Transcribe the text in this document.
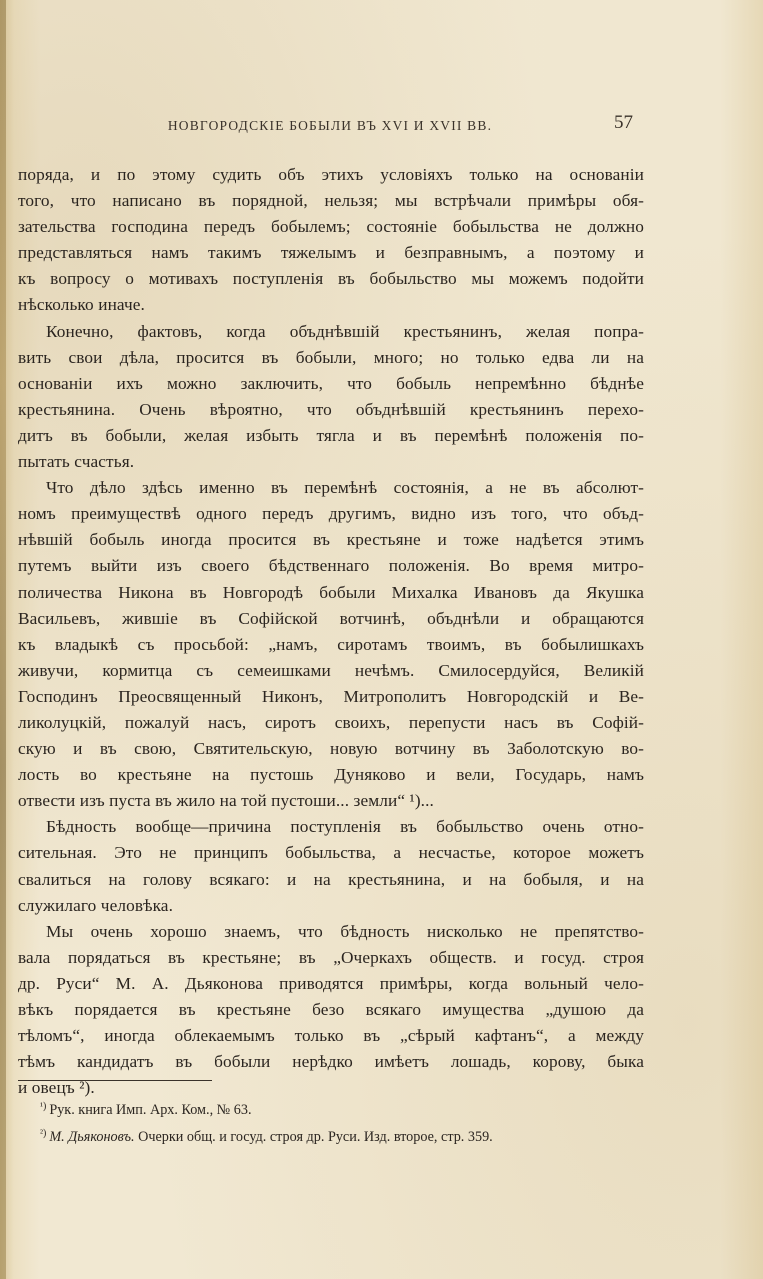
НОВГОРОДСКІЕ БОБЫЛИ ВЪ XVI И XVII ВВ.	57
поряда, и по этому судить объ этихъ условіяхъ только на основаніи
того, что написано въ порядной, нельзя; мы встрѣчали примѣры обя-
зательства господина передъ бобылемъ; состояніе бобыльства не должно
представляться намъ такимъ тяжелымъ и безправнымъ, а поэтому и
къ вопросу о мотивахъ поступленія въ бобыльство мы можемъ подойти
нѣсколько иначе.
Конечно, фактовъ, когда объднѣвшій крестьянинъ, желая попра-
вить свои дѣла, просится въ бобыли, много; но только едва ли на
основаніи ихъ можно заключить, что бобыль непремѣнно бѣднѣе
крестьянина. Очень вѣроятно, что объднѣвшій крестьянинъ перехо-
дитъ въ бобыли, желая избыть тягла и въ перемѣнѣ положенія по-
пытать счастья.
Что дѣло здѣсь именно въ перемѣнѣ состоянія, а не въ абсолют-
номъ преимуществѣ одного передъ другимъ, видно изъ того, что объд-
нѣвшій бобыль иногда просится въ крестьяне и тоже надѣется этимъ
путемъ выйти изъ своего бѣдственнаго положенія. Во время митро-
поличества Никона въ Новгородѣ бобыли Михалка Ивановъ да Якушка
Васильевъ, жившіе въ Софійской вотчинѣ, объднѣли и обращаются
къ владыкѣ съ просьбой: „намъ, сиротамъ твоимъ, въ бобылишкахъ
живучи, кормитца съ семеишками нечѣмъ. Смилосердуйся, Великій
Господинъ Преосвященный Никонъ, Митрополитъ Новгородскій и Ве-
ликолуцкій, пожалуй насъ, сиротъ своихъ, перепусти насъ въ Софій-
скую и въ свою, Святительскую, новую вотчину въ Заболотскую во-
лость во крестьяне на пустошь Дуняково и вели, Государь, намъ
отвести изъ пуста въ жило на той пустоши... земли“ ¹)...
Бѣдность вообще—причина поступленія въ бобыльство очень отно-
сительная. Это не принципъ бобыльства, а несчастье, которое можетъ
свалиться на голову всякаго: и на крестьянина, и на бобыля, и на
служилаго человѣка.
Мы очень хорошо знаемъ, что бѣдность нисколько не препятство-
вала порядаться въ крестьяне; въ „Очеркахъ обществ. и госуд. строя
др. Руси“ М. А. Дьяконова приводятся примѣры, когда вольный чело-
вѣкъ порядается въ крестьяне безо всякаго имущества „душою да
тѣломъ“, иногда облекаемымъ только въ „сѣрый кафтанъ“, а между
тѣмъ кандидатъ въ бобыли нерѣдко имѣетъ лошадь, корову, быка
и овецъ ²).
$^{^1)}$ Рук. книга Имп. Арх. Ком., № 63.
$^{^2)}$ М. Дьяконовъ. Очерки общ. и госуд. строя др. Руси. Изд. второе, стр. 359.
